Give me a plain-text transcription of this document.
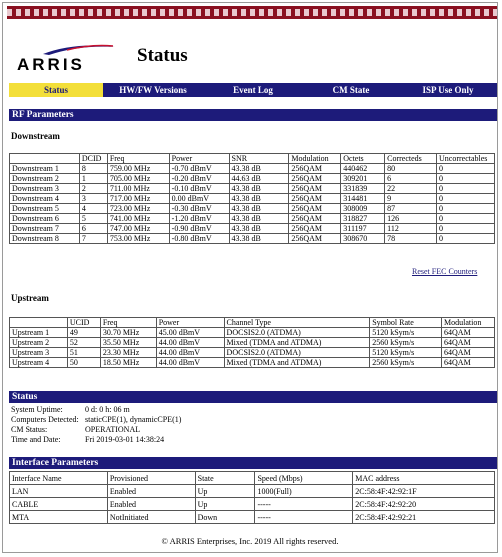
ARRIS	Status
Status	HW/FW Versions	Event Log	CM State	ISP Use Only
RF Parameters
Downstream
	DCID	Freq	Power	SNR	Modulation	Octets	Correcteds	Uncorrectables
Downstream 1	8	759.00 MHz	-0.70 dBmV	43.38 dB	256QAM	440462	80	0
Downstream 2	1	705.00 MHz	-0.20 dBmV	44.63 dB	256QAM	309201	6	0
Downstream 3	2	711.00 MHz	-0.10 dBmV	43.38 dB	256QAM	331839	22	0
Downstream 4	3	717.00 MHz	0.00 dBmV	43.38 dB	256QAM	314481	9	0
Downstream 5	4	723.00 MHz	-0.30 dBmV	43.38 dB	256QAM	308009	87	0
Downstream 6	5	741.00 MHz	-1.20 dBmV	43.38 dB	256QAM	318827	126	0
Downstream 7	6	747.00 MHz	-0.90 dBmV	43.38 dB	256QAM	311197	112	0
Downstream 8	7	753.00 MHz	-0.80 dBmV	43.38 dB	256QAM	308670	78	0
Reset FEC Counters
Upstream
	UCID	Freq	Power	Channel Type	Symbol Rate	Modulation
Upstream 1	49	30.70 MHz	45.00 dBmV	DOCSIS2.0 (ATDMA)	5120 kSym/s	64QAM
Upstream 2	52	35.50 MHz	44.00 dBmV	Mixed (TDMA and ATDMA)	2560 kSym/s	64QAM
Upstream 3	51	23.30 MHz	44.00 dBmV	DOCSIS2.0 (ATDMA)	5120 kSym/s	64QAM
Upstream 4	50	18.50 MHz	44.00 dBmV	Mixed (TDMA and ATDMA)	2560 kSym/s	64QAM
Status
System Uptime:	0 d: 0 h: 06 m
Computers Detected: staticCPE(1), dynamicCPE(1)
CM Status:	OPERATIONAL
Time and Date:	Fri 2019-03-01 14:38:24
Interface Parameters
Interface Name	Provisioned	State	Speed (Mbps)	MAC address
LAN	Enabled	Up	1000(Full)	2C:58:4F:42:92:1F
CABLE	Enabled	Up	-----	2C:58:4F:42:92:20
MTA	NotInitiated	Down	-----	2C:58:4F:42:92:21
© ARRIS Enterprises, Inc. 2019 All rights reserved.
